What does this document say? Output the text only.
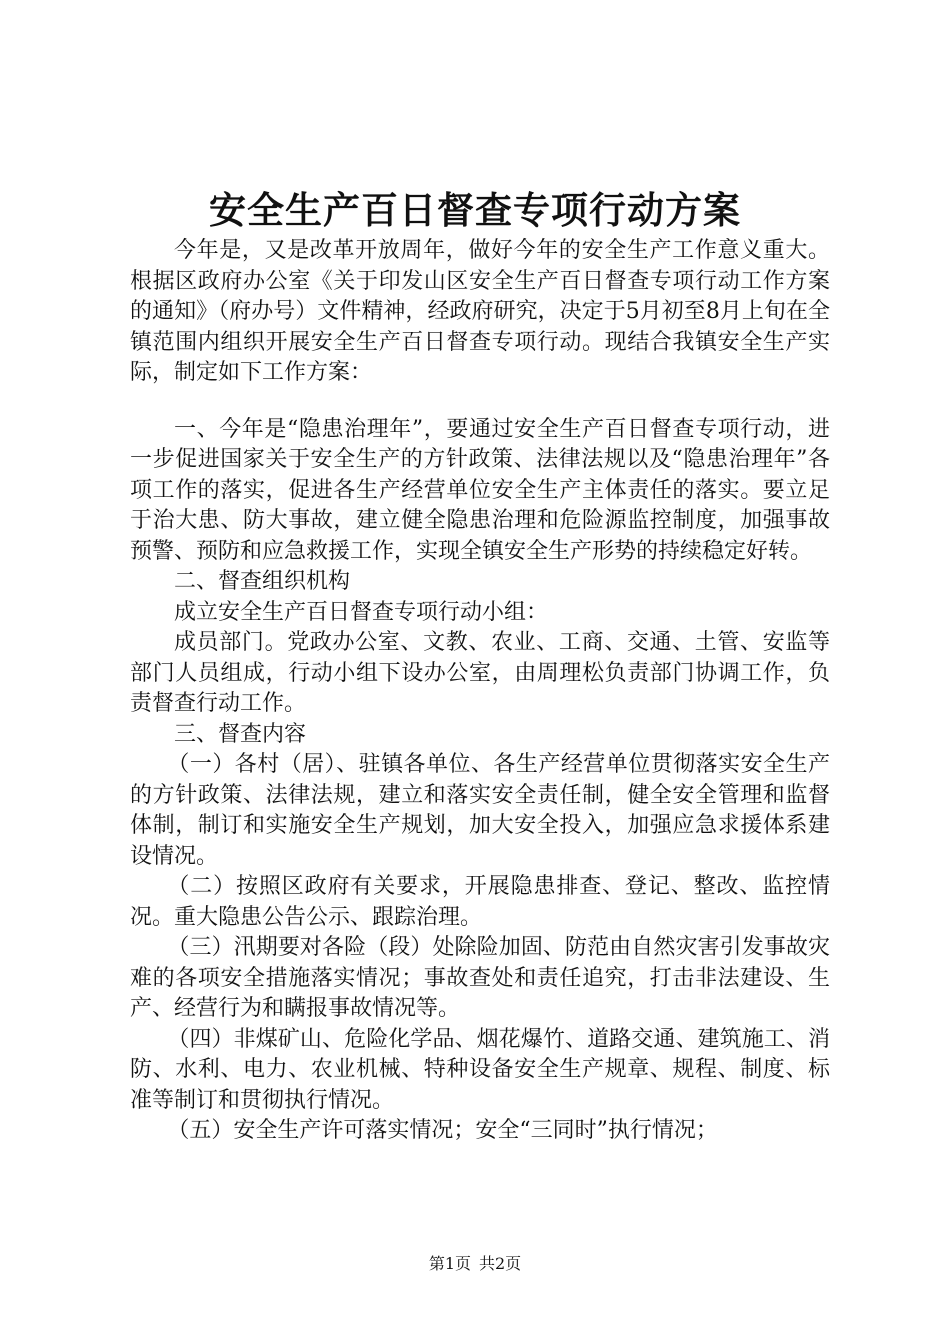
安全生产百日督查专项行动方案

今年是，又是改革开放周年，做好今年的安全生产工作意义重大。根据区政府办公室《关于印发山区安全生产百日督查专项行动工作方案的通知》（府办号）文件精神，经政府研究，决定于5月初至8月上旬在全镇范围内组织开展安全生产百日督查专项行动。现结合我镇安全生产实际，制定如下工作方案：

一、今年是“隐患治理年”，要通过安全生产百日督查专项行动，进一步促进国家关于安全生产的方针政策、法律法规以及“隐患治理年”各项工作的落实，促进各生产经营单位安全生产主体责任的落实。要立足于治大患、防大事故，建立健全隐患治理和危险源监控制度，加强事故预警、预防和应急救援工作，实现全镇安全生产形势的持续稳定好转。

二、督查组织机构

成立安全生产百日督查专项行动小组：

成员部门。党政办公室、文教、农业、工商、交通、土管、安监等部门人员组成，行动小组下设办公室，由周理松负责部门协调工作，负责督查行动工作。

三、督查内容

（一）各村（居）、驻镇各单位、各生产经营单位贯彻落实安全生产的方针政策、法律法规，建立和落实安全责任制，健全安全管理和监督体制，制订和实施安全生产规划，加大安全投入，加强应急求援体系建设情况。

（二）按照区政府有关要求，开展隐患排查、登记、整改、监控情况。重大隐患公告公示、跟踪治理。

（三）汛期要对各险（段）处除险加固、防范由自然灾害引发事故灾难的各项安全措施落实情况；事故查处和责任追究，打击非法建设、生产、经营行为和瞒报事故情况等。

（四）非煤矿山、危险化学品、烟花爆竹、道路交通、建筑施工、消防、水利、电力、农业机械、特种设备安全生产规章、规程、制度、标准等制订和贯彻执行情况。

（五）安全生产许可落实情况；安全“三同时”执行情况；

第1页 共2页
